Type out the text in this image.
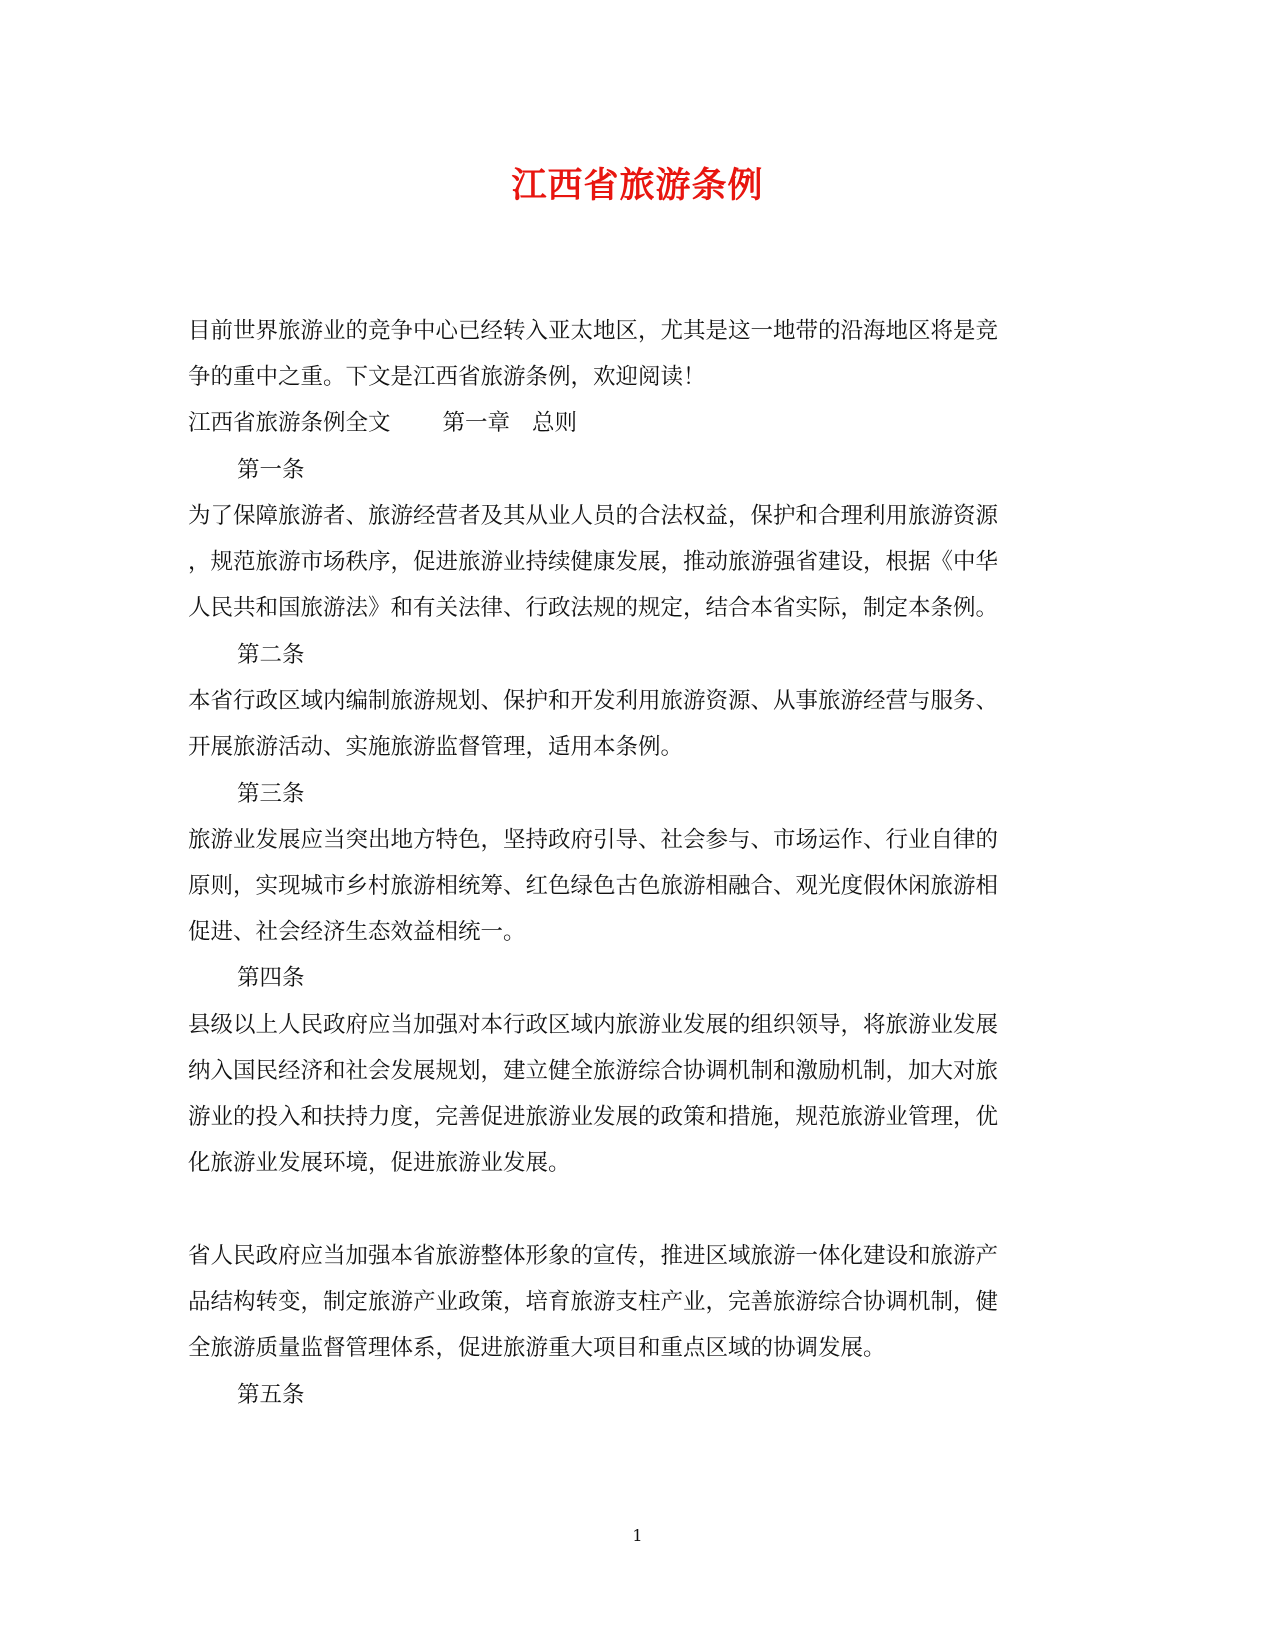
江西省旅游条例

目前世界旅游业的竞争中心已经转入亚太地区，尤其是这一地带的沿海地区将是竞

争的重中之重。下文是江西省旅游条例，欢迎阅读！

江西省旅游条例全文 第一章 总则

第一条

为了保障旅游者、旅游经营者及其从业人员的合法权益，保护和合理利用旅游资源

，规范旅游市场秩序，促进旅游业持续健康发展，推动旅游强省建设，根据《中华

人民共和国旅游法》和有关法律、行政法规的规定，结合本省实际，制定本条例。

第二条

本省行政区域内编制旅游规划、保护和开发利用旅游资源、从事旅游经营与服务、

开展旅游活动、实施旅游监督管理，适用本条例。

第三条

旅游业发展应当突出地方特色，坚持政府引导、社会参与、市场运作、行业自律的

原则，实现城市乡村旅游相统筹、红色绿色古色旅游相融合、观光度假休闲旅游相

促进、社会经济生态效益相统一。

第四条

县级以上人民政府应当加强对本行政区域内旅游业发展的组织领导，将旅游业发展

纳入国民经济和社会发展规划，建立健全旅游综合协调机制和激励机制，加大对旅

游业的投入和扶持力度，完善促进旅游业发展的政策和措施，规范旅游业管理，优

化旅游业发展环境，促进旅游业发展。

省人民政府应当加强本省旅游整体形象的宣传，推进区域旅游一体化建设和旅游产

品结构转变，制定旅游产业政策，培育旅游支柱产业，完善旅游综合协调机制，健

全旅游质量监督管理体系，促进旅游重大项目和重点区域的协调发展。

第五条

1
